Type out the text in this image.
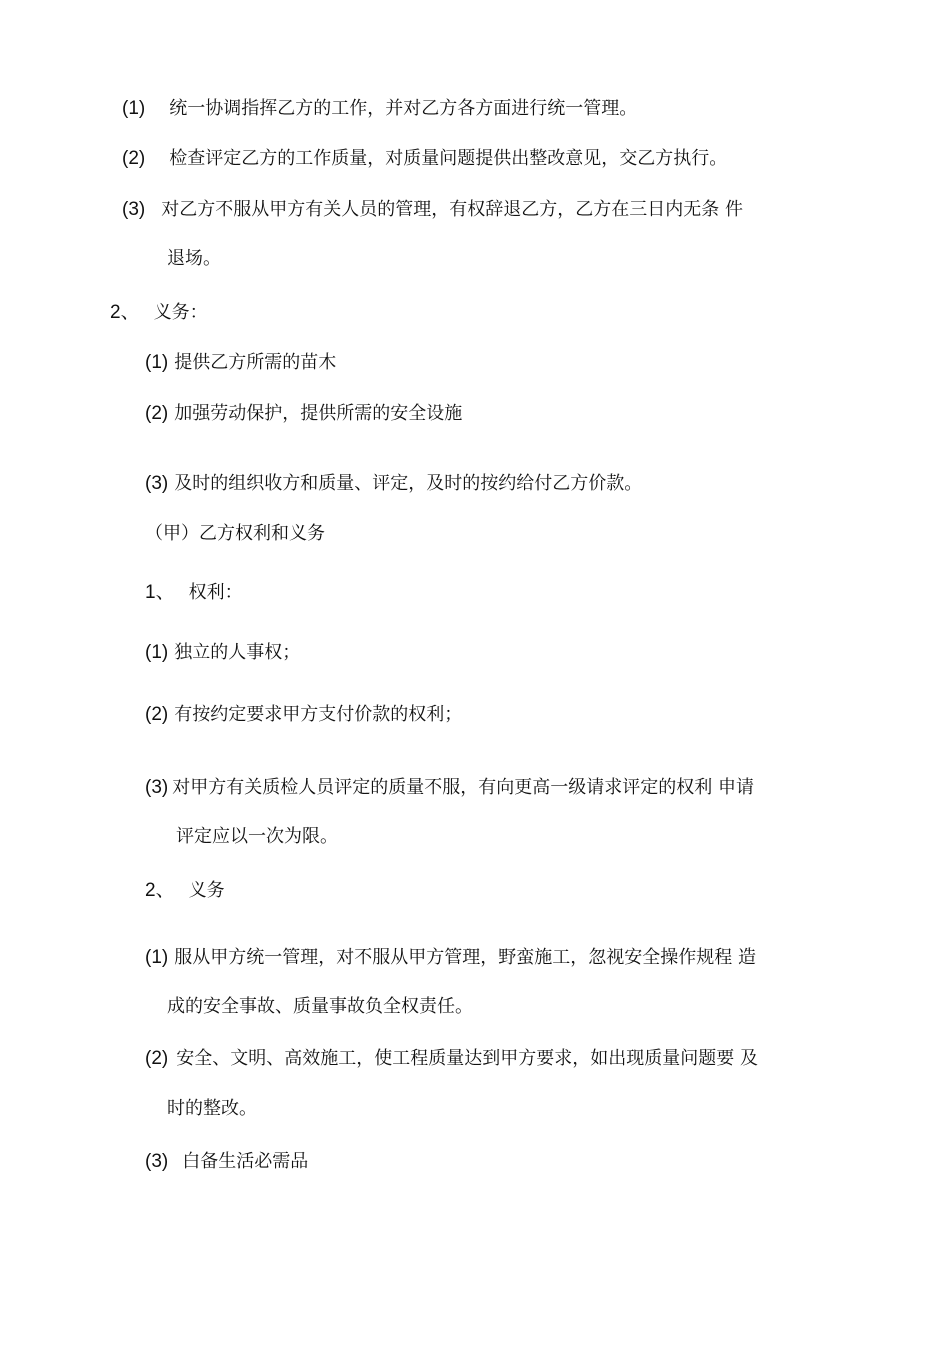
(1) 统一协调指挥乙方的工作，并对乙方各方面进行统一管理。
(2) 检查评定乙方的工作质量，对质量问题提供出整改意见，交乙方执行。
(3) 对乙方不服从甲方有关人员的管理，有权辞退乙方，乙方在三日内无条 件
退场。
2、 义务：
(1) 提供乙方所需的苗木
(2) 加强劳动保护，提供所需的安全设施
(3) 及时的组织收方和质量、评定，及时的按约给付乙方价款。
（甲）乙方权利和义务
1、 权利：
(1) 独立的人事权；
(2) 有按约定要求甲方支付价款的权利；
(3) 对甲方有关质检人员评定的质量不服，有向更高一级请求评定的权利 申请
评定应以一次为限。
2、 义务
(1) 服从甲方统一管理，对不服从甲方管理，野蛮施工，忽视安全操作规程 造
成的安全事故、质量事故负全权责任。
(2) 安全、文明、高效施工，使工程质量达到甲方要求，如出现质量问题要 及
时的整改。
(3) 白备生活必需品
